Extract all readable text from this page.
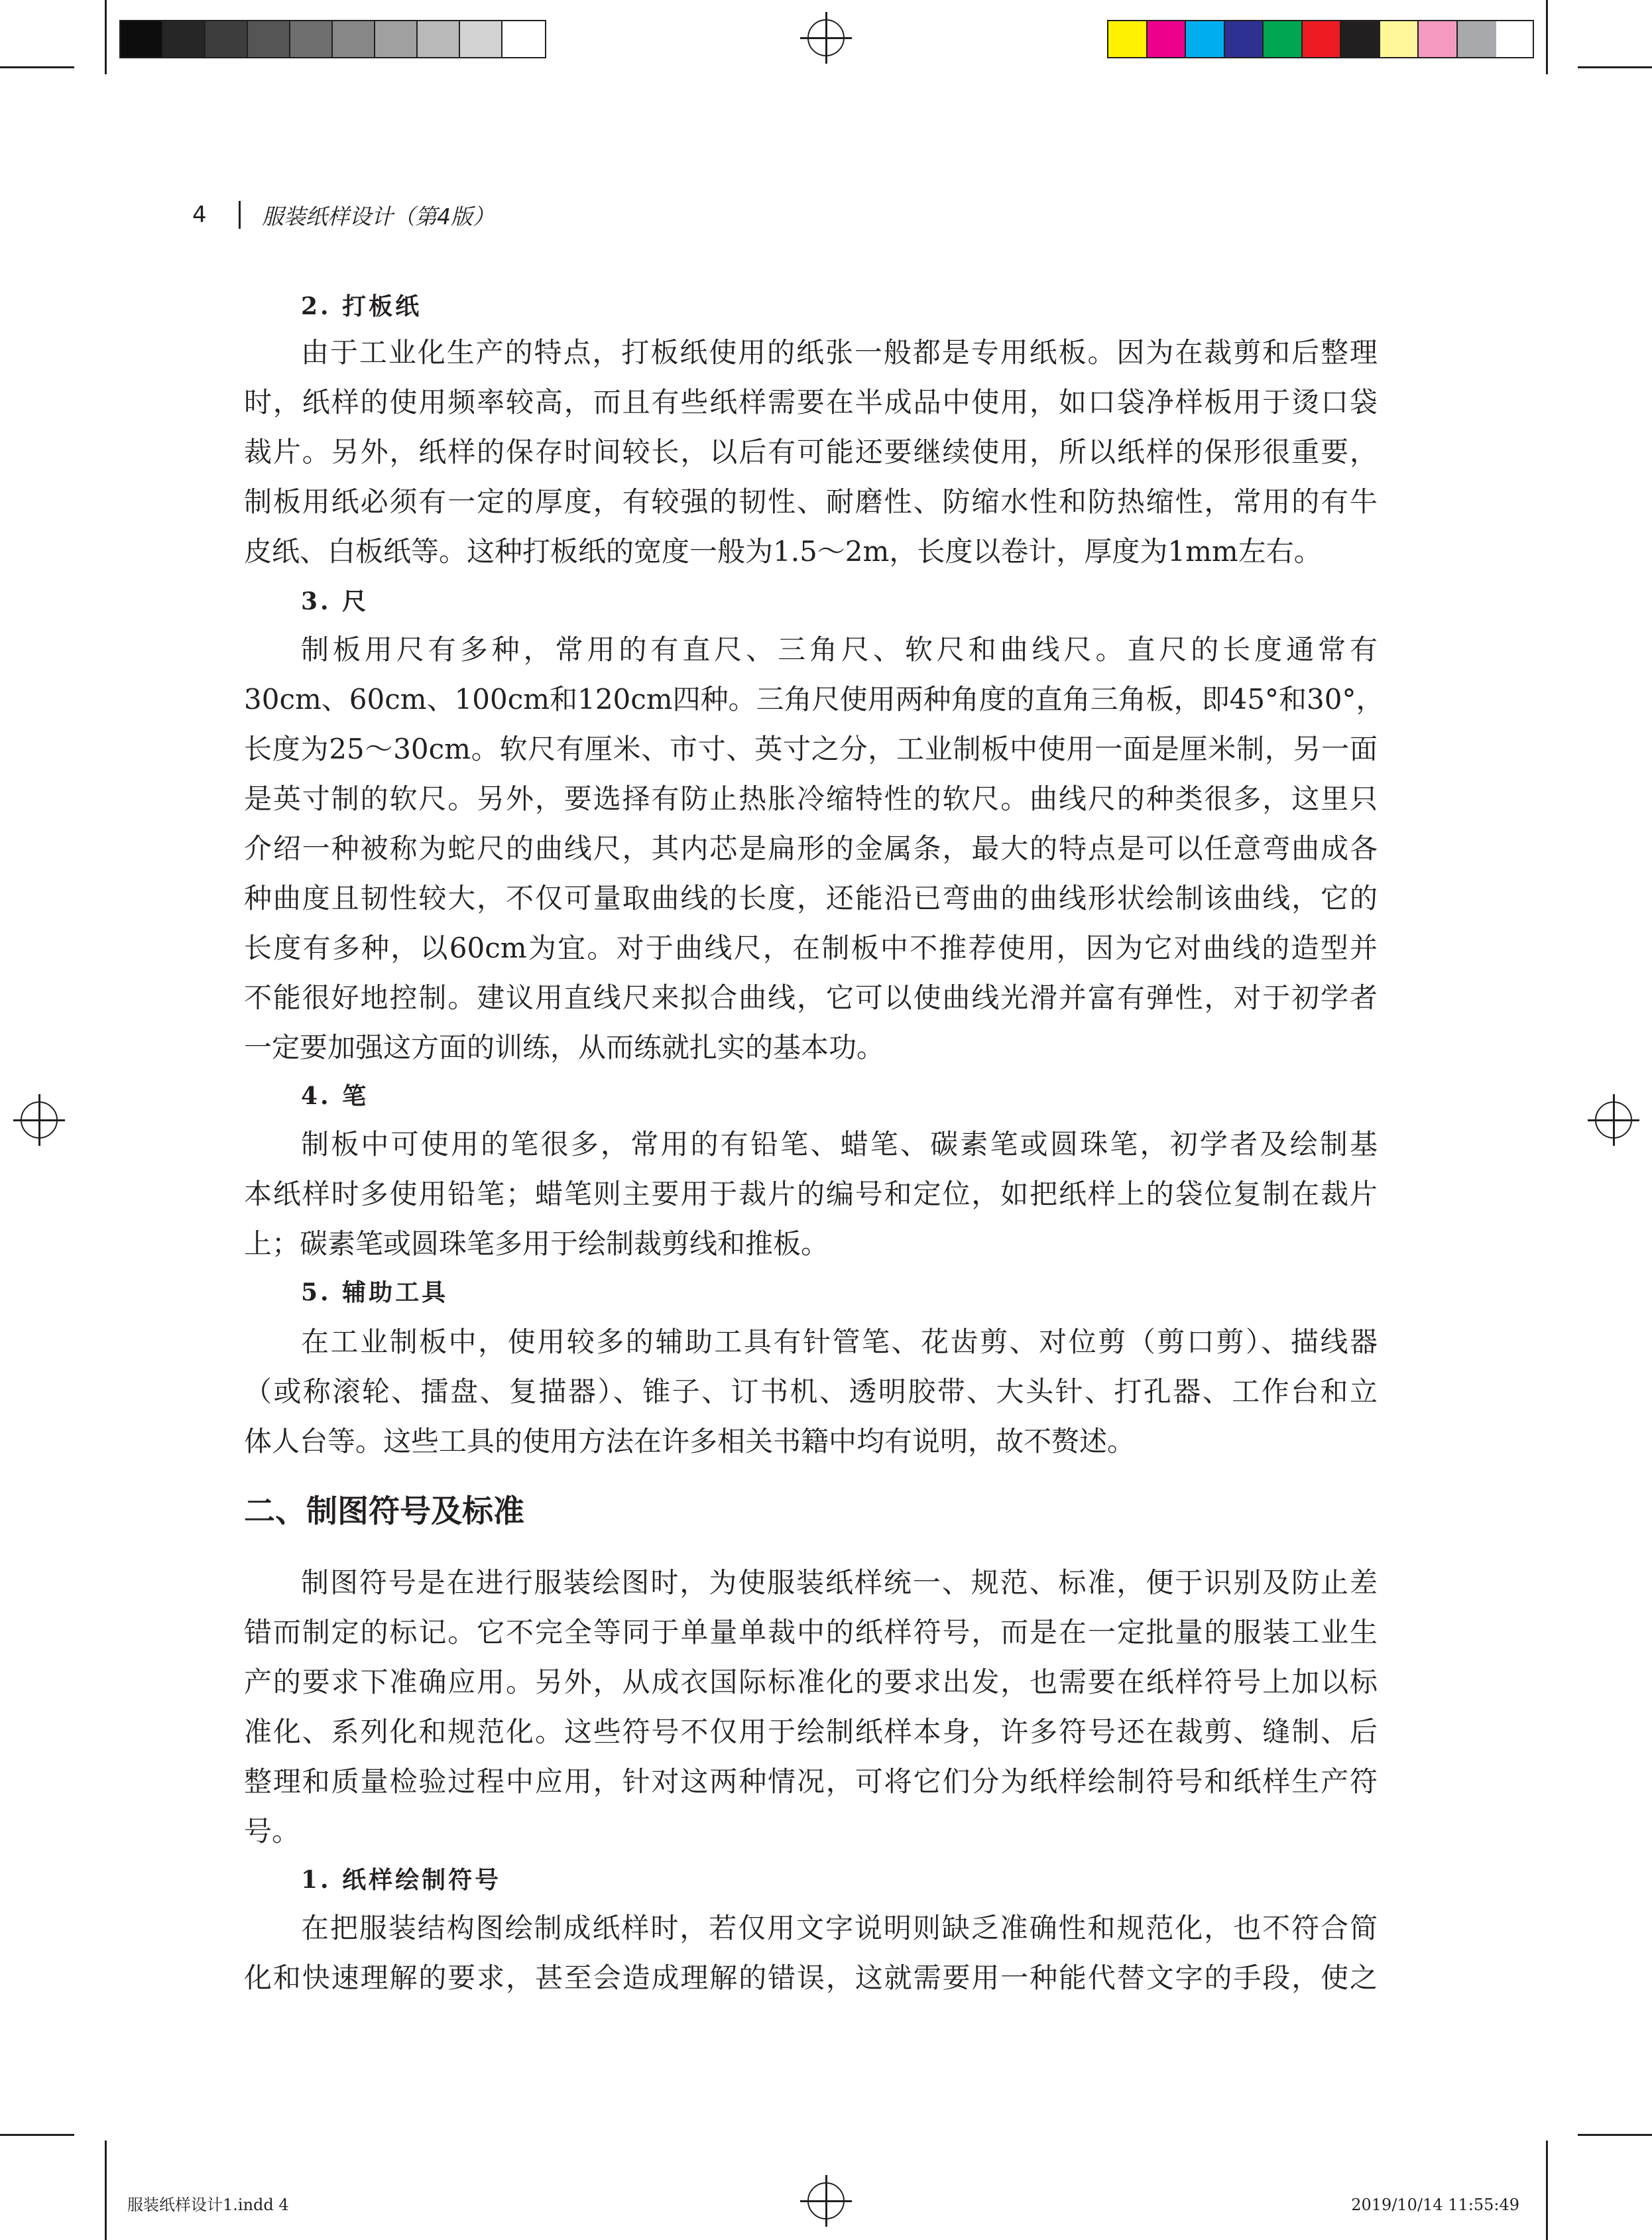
4	服装纸样设计（第4版）
2. 打板纸
由于工业化生产的特点，打板纸使用的纸张一般都是专用纸板。因为在裁剪和后整理
时，纸样的使用频率较高，而且有些纸样需要在半成品中使用，如口袋净样板用于烫口袋
裁片。另外，纸样的保存时间较长，以后有可能还要继续使用，所以纸样的保形很重要，
制板用纸必须有一定的厚度，有较强的韧性、耐磨性、防缩水性和防热缩性，常用的有牛
皮纸、白板纸等。这种打板纸的宽度一般为1.5～2m，长度以卷计，厚度为1mm左右。
3. 尺
制板用尺有多种，常用的有直尺、三角尺、软尺和曲线尺。直尺的长度通常有
30cm、60cm、100cm和120cm四种。三角尺使用两种角度的直角三角板，即45°和30°，
长度为25～30cm。软尺有厘米、市寸、英寸之分，工业制板中使用一面是厘米制，另一面
是英寸制的软尺。另外，要选择有防止热胀冷缩特性的软尺。曲线尺的种类很多，这里只
介绍一种被称为蛇尺的曲线尺，其内芯是扁形的金属条，最大的特点是可以任意弯曲成各
种曲度且韧性较大，不仅可量取曲线的长度，还能沿已弯曲的曲线形状绘制该曲线，它的
长度有多种，以60cm为宜。对于曲线尺，在制板中不推荐使用，因为它对曲线的造型并
不能很好地控制。建议用直线尺来拟合曲线，它可以使曲线光滑并富有弹性，对于初学者
一定要加强这方面的训练，从而练就扎实的基本功。
4. 笔
制板中可使用的笔很多，常用的有铅笔、蜡笔、碳素笔或圆珠笔，初学者及绘制基
本纸样时多使用铅笔；蜡笔则主要用于裁片的编号和定位，如把纸样上的袋位复制在裁片
上；碳素笔或圆珠笔多用于绘制裁剪线和推板。
5. 辅助工具
在工业制板中，使用较多的辅助工具有针管笔、花齿剪、对位剪（剪口剪）、描线器
（或称滚轮、擂盘、复描器）、锥子、订书机、透明胶带、大头针、打孔器、工作台和立
体人台等。这些工具的使用方法在许多相关书籍中均有说明，故不赘述。
二、制图符号及标准
制图符号是在进行服装绘图时，为使服装纸样统一、规范、标准，便于识别及防止差
错而制定的标记。它不完全等同于单量单裁中的纸样符号，而是在一定批量的服装工业生
产的要求下准确应用。另外，从成衣国际标准化的要求出发，也需要在纸样符号上加以标
准化、系列化和规范化。这些符号不仅用于绘制纸样本身，许多符号还在裁剪、缝制、后
整理和质量检验过程中应用，针对这两种情况，可将它们分为纸样绘制符号和纸样生产符
号。
1. 纸样绘制符号
在把服装结构图绘制成纸样时，若仅用文字说明则缺乏准确性和规范化，也不符合简
化和快速理解的要求，甚至会造成理解的错误，这就需要用一种能代替文字的手段，使之
服装纸样设计1.indd 4	2019/10/14 11:55:49
